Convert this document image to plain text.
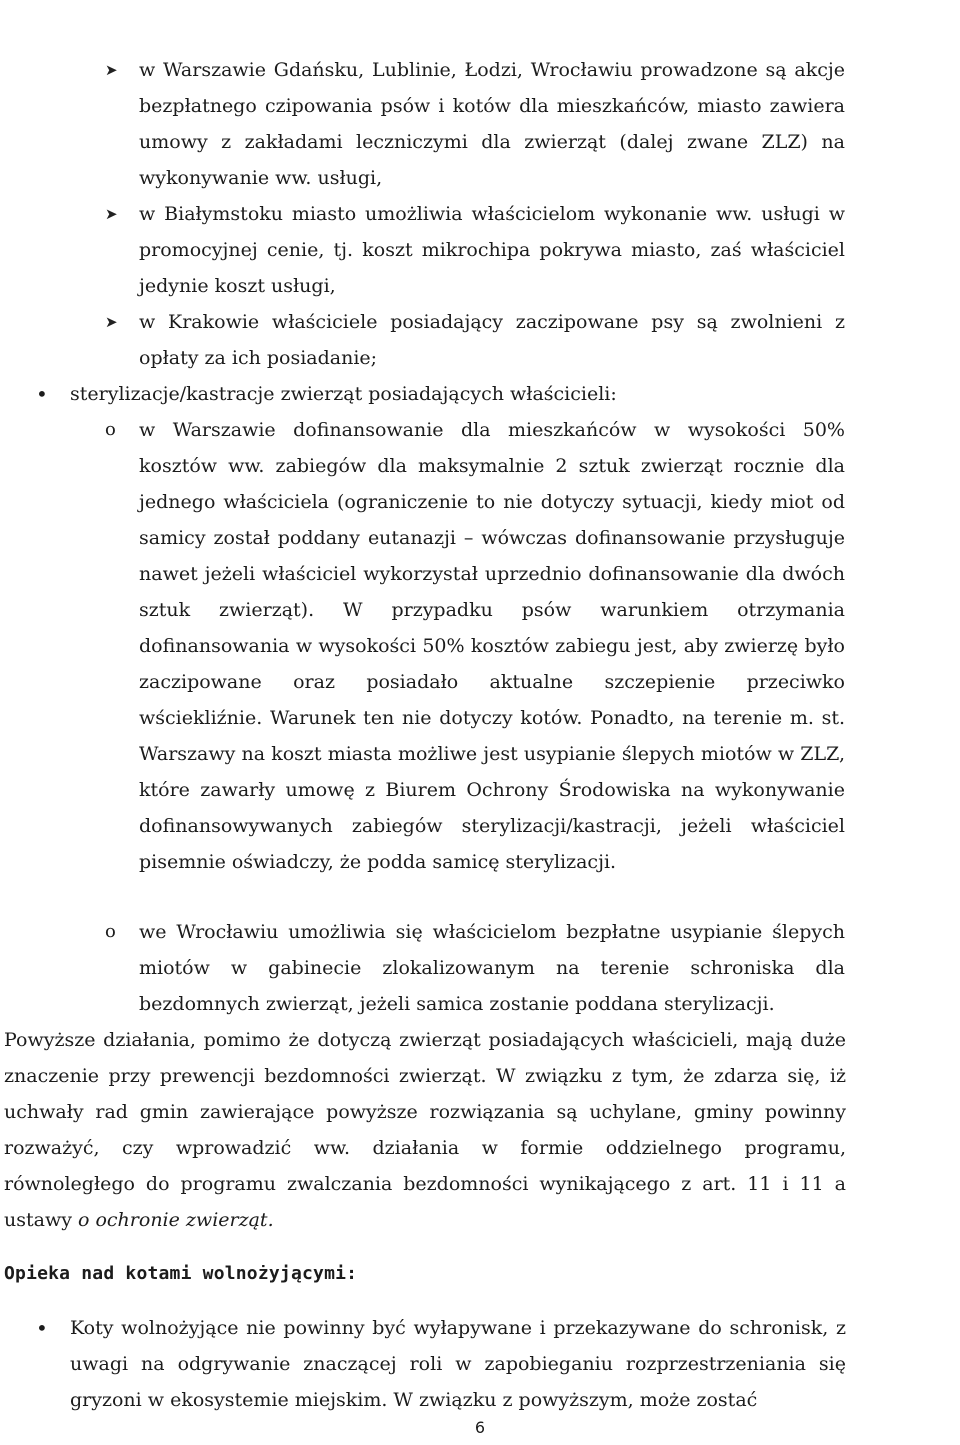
➤ w Warszawie Gdańsku, Lublinie, Łodzi, Wrocławiu prowadzone są akcje bezpłatnego czipowania psów i kotów dla mieszkańców, miasto zawiera umowy z zakładami leczniczymi dla zwierząt (dalej zwane ZLZ) na wykonywanie ww. usługi,
➤ w Białymstoku miasto umożliwia właścicielom wykonanie ww. usługi w promocyjnej cenie, tj. koszt mikrochipa pokrywa miasto, zaś właściciel jedynie koszt usługi,
➤ w Krakowie właściciele posiadający zaczipowane psy są zwolnieni z opłaty za ich posiadanie;
• sterylizacje/kastracje zwierząt posiadających właścicieli:
o w Warszawie dofinansowanie dla mieszkańców w wysokości 50% kosztów ww. zabiegów dla maksymalnie 2 sztuk zwierząt rocznie dla jednego właściciela (ograniczenie to nie dotyczy sytuacji, kiedy miot od samicy został poddany eutanazji – wówczas dofinansowanie przysługuje nawet jeżeli właściciel wykorzystał uprzednio dofinansowanie dla dwóch sztuk zwierząt). W przypadku psów warunkiem otrzymania dofinansowania w wysokości 50% kosztów zabiegu jest, aby zwierzę było zaczipowane oraz posiadało aktualne szczepienie przeciwko wściekliźnie. Warunek ten nie dotyczy kotów. Ponadto, na terenie m. st. Warszawy na koszt miasta możliwe jest usypianie ślepych miotów w ZLZ, które zawarły umowę z Biurem Ochrony Środowiska na wykonywanie dofinansowywanych zabiegów sterylizacji/kastracji, jeżeli właściciel pisemnie oświadczy, że podda samicę sterylizacji.
o we Wrocławiu umożliwia się właścicielom bezpłatne usypianie ślepych miotów w gabinecie zlokalizowanym na terenie schroniska dla bezdomnych zwierząt, jeżeli samica zostanie poddana sterylizacji.
Powyższe działania, pomimo że dotyczą zwierząt posiadających właścicieli, mają duże znaczenie przy prewencji bezdomności zwierząt. W związku z tym, że zdarza się, iż uchwały rad gmin zawierające powyższe rozwiązania są uchylane, gminy powinny rozważyć, czy wprowadzić ww. działania w formie oddzielnego programu, równoległego do programu zwalczania bezdomności wynikającego z art. 11 i 11 a ustawy o ochronie zwierząt.
Opieka nad kotami wolnożyjącymi:
• Koty wolnożyjące nie powinny być wyłapywane i przekazywane do schronisk, z uwagi na odgrywanie znaczącej roli w zapobieganiu rozprzestrzeniania się gryzoni w ekosystemie miejskim. W związku z powyższym, może zostać
6
